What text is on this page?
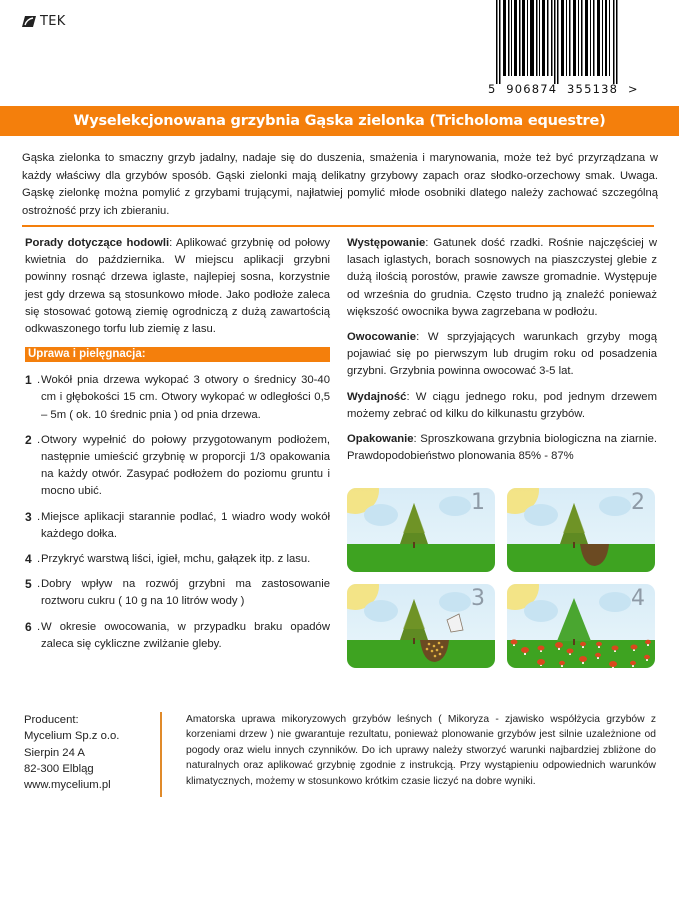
TEK
5  906874  355138  >
Wyselekcjonowana grzybnia Gąska zielonka (Tricholoma equestre)

Gąska zielonka to smaczny grzyb jadalny, nadaje się do duszenia, smażenia i marynowania, może też być przyrządzana w każdy właściwy dla grzybów sposób. Gąski zielonki mają delikatny grzybowy zapach oraz słodko-orzechowy smak. Uwaga. Gąskę zielonkę można pomylić z grzybami trującymi, najłatwiej pomylić młode osobniki dlatego należy zachować szczególną ostrożność przy ich zbieraniu.

Porady dotyczące hodowli: Aplikować grzybnię od połowy kwietnia do października. W miejscu aplikacji grzybni powinny rosnąć drzewa iglaste, najlepiej sosna, korzystnie jest gdy drzewa są stosunkowo młode. Jako podłoże zaleca się stosować gotową ziemię ogrodniczą z dużą zawartością odkwaszonego torfu lub ziemię z lasu.

Uprawa i pielęgnacja:
1 . Wokół pnia drzewa wykopać 3 otwory o średnicy 30-40 cm i głębokości 15 cm. Otwory wykopać w odległości 0,5 – 5m ( ok. 10 średnic pnia ) od pnia drzewa.
2 . Otwory wypełnić do połowy przygotowanym podłożem, następnie umieścić grzybnię w proporcji 1/3 opakowania na każdy otwór. Zasypać podłożem do poziomu gruntu i mocno ubić.
3 . Miejsce aplikacji starannie podlać, 1 wiadro wody wokół każdego dołka.
4 . Przykryć warstwą liści, igieł, mchu, gałązek itp. z lasu.
5 . Dobry wpływ na rozwój grzybni ma zastosowanie roztworu cukru ( 10 g na 10 litrów wody )
6 . W okresie owocowania, w przypadku braku opadów zaleca się cykliczne zwilżanie gleby.

Występowanie: Gatunek dość rzadki. Rośnie najczęściej w lasach iglastych, borach sosnowych na piaszczystej glebie z dużą ilością porostów, prawie zawsze gromadnie. Występuje od września do grudnia. Często trudno ją znaleźć ponieważ większość owocnika bywa zagrzebana w podłożu.

Owocowanie: W sprzyjających warunkach grzyby mogą pojawiać się po pierwszym lub drugim roku od posadzenia grzybni. Grzybnia powinna owocować 3-5 lat.

Wydajność: W ciągu jednego roku, pod jednym drzewem możemy zebrać od kilku do kilkunastu grzybów.

Opakowanie: Sproszkowana grzybnia biologiczna na ziarnie. Prawdopodobieństwo plonowania 85% - 87%

1	2
3	4
Producent:
Mycelium Sp.z o.o.
Sierpin 24 A
82-300 Elbląg
www.mycelium.pl

Amatorska uprawa mikoryzowych grzybów leśnych ( Mikoryza - zjawisko współżycia grzybów z korzeniami drzew ) nie gwarantuje rezultatu, ponieważ plonowanie grzybów jest silnie uzależnione od pogody oraz wielu innych czynników. Do ich uprawy należy stworzyć warunki najbardziej zbliżone do naturalnych oraz aplikować grzybnię zgodnie z instrukcją. Przy wystąpieniu odpowiednich warunków klimatycznych, możemy w stosunkowo krótkim czasie liczyć na dobre wyniki.
